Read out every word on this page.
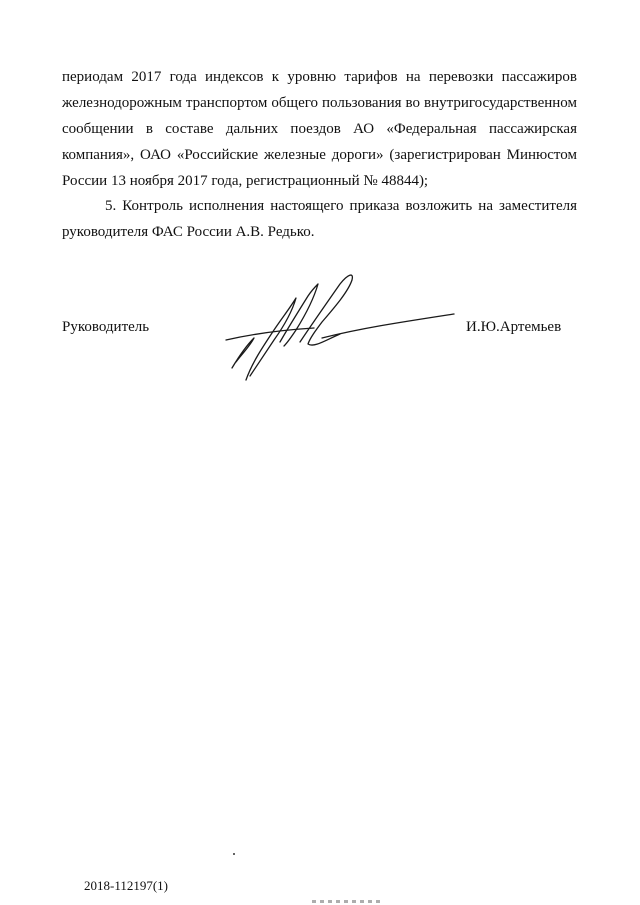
периодам 2017 года индексов к уровню тарифов на перевозки пассажиров
железнодорожным транспортом общего пользования во внутригосударственном
сообщении в составе дальних поездов АО «Федеральная пассажирская
компания», ОАО «Российские железные дороги» (зарегистрирован Минюстом
России 13 ноября 2017 года, регистрационный № 48844);
5. Контроль исполнения настоящего приказа возложить на заместителя
руководителя ФАС России А.В. Редько.
Руководитель	И.Ю.Артемьев
2018-112197(1)
